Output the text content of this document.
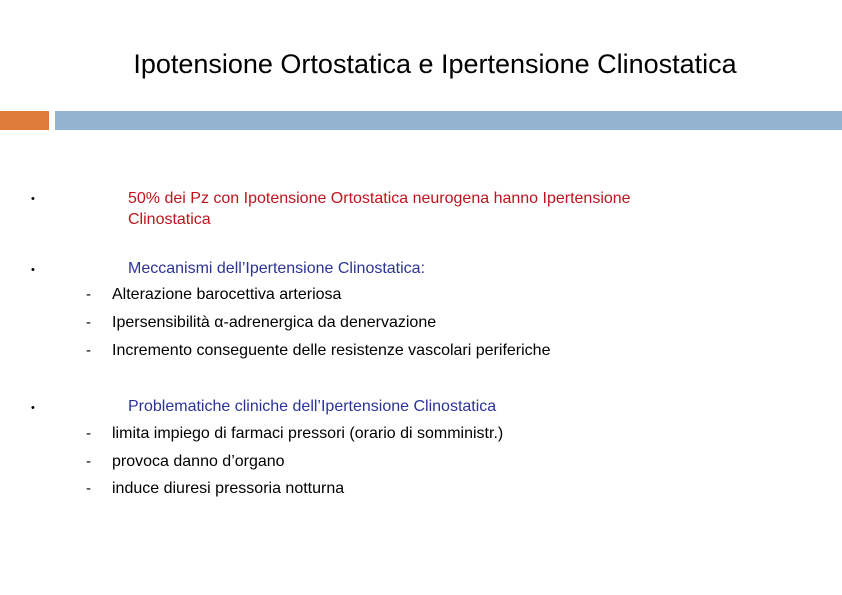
Ipotensione Ortostatica e Ipertensione Clinostatica
•	50% dei Pz con Ipotensione Ortostatica neurogena hanno Ipertensione
Clinostatica
•	Meccanismi dell’Ipertensione Clinostatica:
- Alterazione barocettiva arteriosa
- Ipersensibilità α-adrenergica da denervazione
- Incremento conseguente delle resistenze vascolari periferiche
•	Problematiche cliniche dell’Ipertensione Clinostatica
- limita impiego di farmaci pressori (orario di somministr.)
- provoca danno d’organo
- induce diuresi pressoria notturna
